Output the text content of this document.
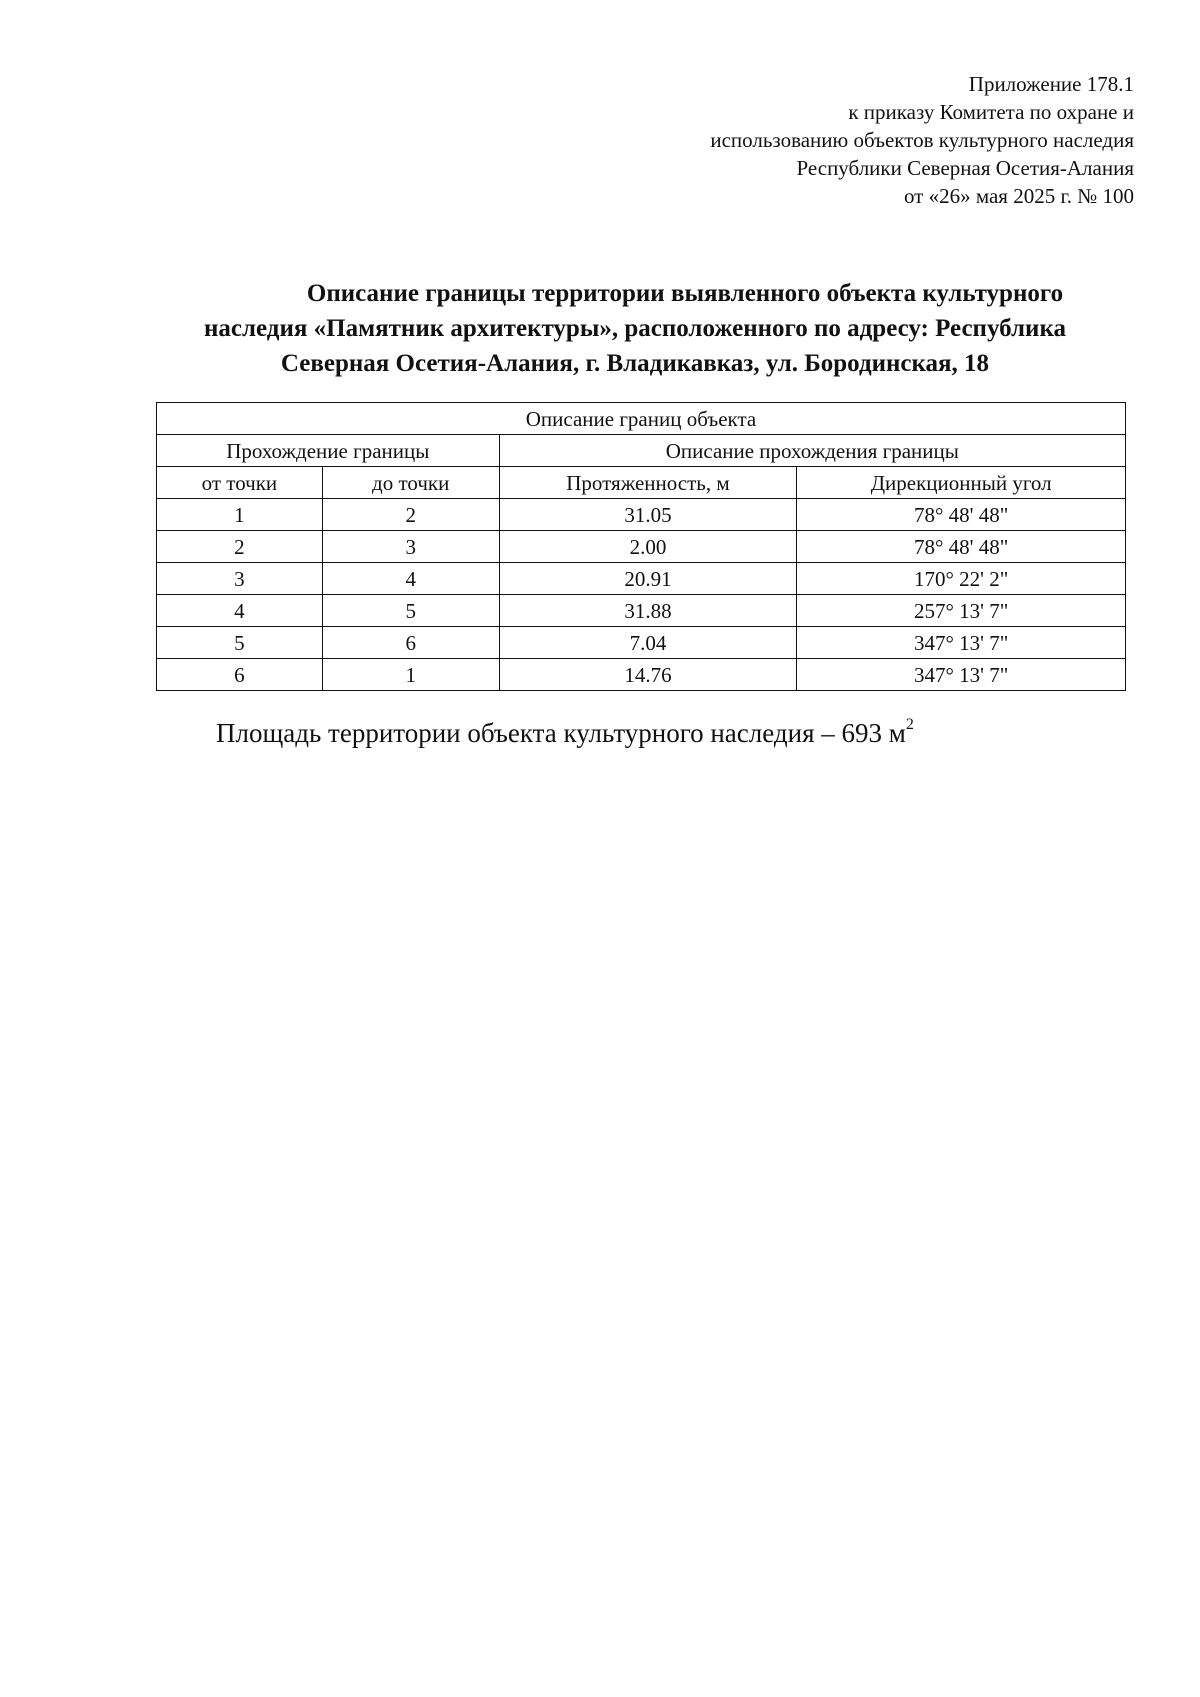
Приложение 178.1
к приказу Комитета по охране и
использованию объектов культурного наследия
Республики Северная Осетия-Алания
от «26» мая 2025 г. № 100
Описание границы территории выявленного объекта культурного
наследия «Памятник архитектуры», расположенного по адресу: Республика
Северная Осетия-Алания, г. Владикавказ, ул. Бородинская, 18
Описание границ объекта			
Прохождение границы		Описание прохождения границы	
от точки	до точки	Протяженность, м	Дирекционный угол
1	2	31.05	78° 48' 48"
2	3	2.00	78° 48' 48"
3	4	20.91	170° 22' 2"
4	5	31.88	257° 13' 7"
5	6	7.04	347° 13' 7"
6	1	14.76	347° 13' 7"
Площадь территории объекта культурного наследия – 693 $м^2$
